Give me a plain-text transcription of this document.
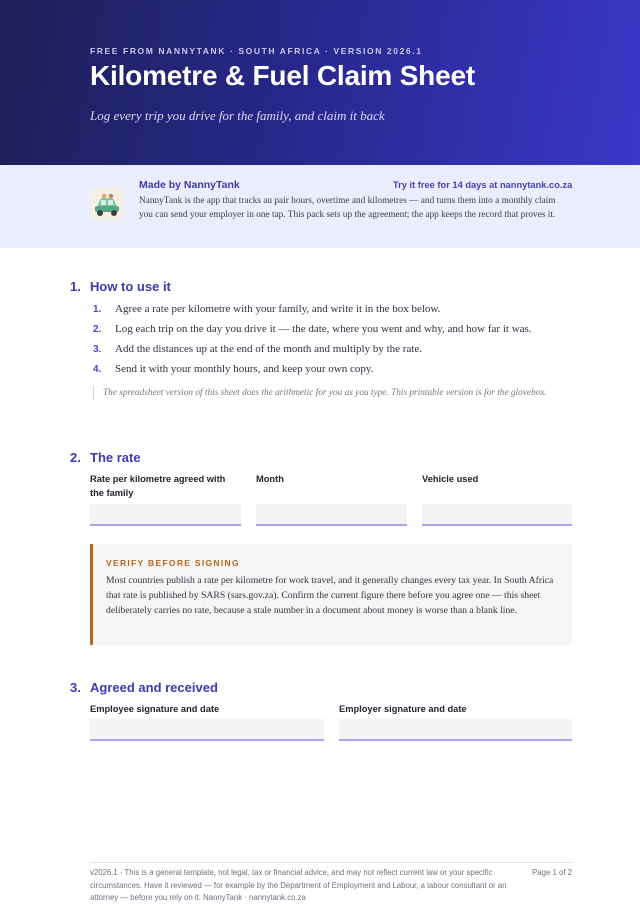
FREE FROM NANNYTANK · SOUTH AFRICA · VERSION 2026.1
Kilometre & Fuel Claim Sheet
Log every trip you drive for the family, and claim it back
Made by NannyTank	Try it free for 14 days at nannytank.co.za
NannyTank is the app that tracks au pair hours, overtime and kilometres — and turns them into a monthly claim you can send your employer in one tap. This pack sets up the agreement; the app keeps the record that proves it.
1. How to use it
1. Agree a rate per kilometre with your family, and write it in the box below.
2. Log each trip on the day you drive it — the date, where you went and why, and how far it was.
3. Add the distances up at the end of the month and multiply by the rate.
4. Send it with your monthly hours, and keep your own copy.
The spreadsheet version of this sheet does the arithmetic for you as you type. This printable version is for the glovebox.
2. The rate
Rate per kilometre agreed with the family
Month	Vehicle used
VERIFY BEFORE SIGNING
Most countries publish a rate per kilometre for work travel, and it generally changes every tax year. In South Africa that rate is published by SARS (sars.gov.za). Confirm the current figure there before you agree one — this sheet deliberately carries no rate, because a stale number in a document about money is worse than a blank line.
3. Agreed and received
Employee signature and date	Employer signature and date
v2026.1 · This is a general template, not legal, tax or financial advice, and may not reflect current law or your specific circumstances. Have it reviewed — for example by the Department of Employment and Labour, a labour consultant or an attorney — before you rely on it. NannyTank · nannytank.co.za
Page 1 of 2
